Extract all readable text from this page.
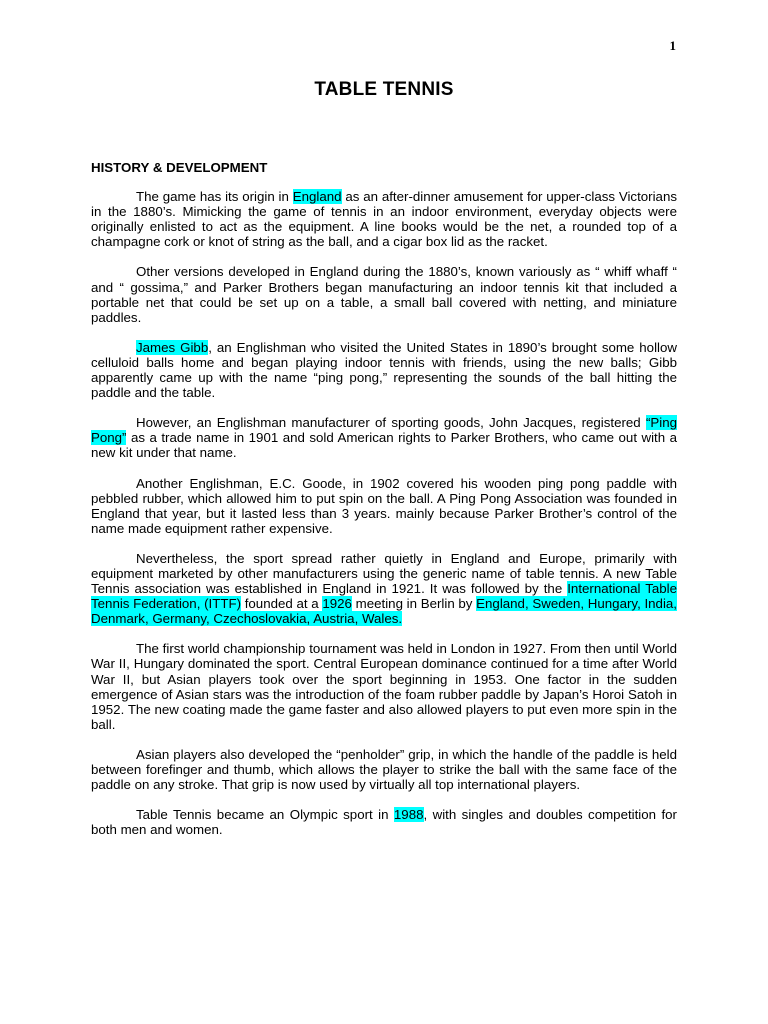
1
TABLE TENNIS
HISTORY & DEVELOPMENT

The game has its origin in England as an after-dinner amusement for upper-class Victorians in the 1880’s. Mimicking the game of tennis in an indoor environment, everyday objects were originally enlisted to act as the equipment. A line books would be the net, a rounded top of a champagne cork or knot of string as the ball, and a cigar box lid as the racket.

Other versions developed in England during the 1880’s, known variously as “ whiff whaff “ and “ gossima,” and Parker Brothers began manufacturing an indoor tennis kit that included a portable net that could be set up on a table, a small ball covered with netting, and miniature paddles.

James Gibb, an Englishman who visited the United States in 1890’s brought some hollow celluloid balls home and began playing indoor tennis with friends, using the new balls; Gibb apparently came up with the name “ping pong,” representing the sounds of the ball hitting the paddle and the table.

However, an Englishman manufacturer of sporting goods, John Jacques, registered “Ping Pong” as a trade name in 1901 and sold American rights to Parker Brothers, who came out with a new kit under that name.

Another Englishman, E.C. Goode, in 1902 covered his wooden ping pong paddle with pebbled rubber, which allowed him to put spin on the ball. A Ping Pong Association was founded in England that year, but it lasted less than 3 years. mainly because Parker Brother’s control of the name made equipment rather expensive.

Nevertheless, the sport spread rather quietly in England and Europe, primarily with equipment marketed by other manufacturers using the generic name of table tennis. A new Table Tennis association was established in England in 1921. It was followed by the International Table Tennis Federation, (ITTF) founded at a 1926 meeting in Berlin by England, Sweden, Hungary, India, Denmark, Germany, Czechoslovakia, Austria, Wales.

The first world championship tournament was held in London in 1927. From then until World War II, Hungary dominated the sport. Central European dominance continued for a time after World War II, but Asian players took over the sport beginning in 1953. One factor in the sudden emergence of Asian stars was the introduction of the foam rubber paddle by Japan’s Horoi Satoh in 1952. The new coating made the game faster and also allowed players to put even more spin in the ball.

Asian players also developed the “penholder” grip, in which the handle of the paddle is held between forefinger and thumb, which allows the player to strike the ball with the same face of the paddle on any stroke. That grip is now used by virtually all top international players.

Table Tennis became an Olympic sport in 1988, with singles and doubles competition for both men and women.
